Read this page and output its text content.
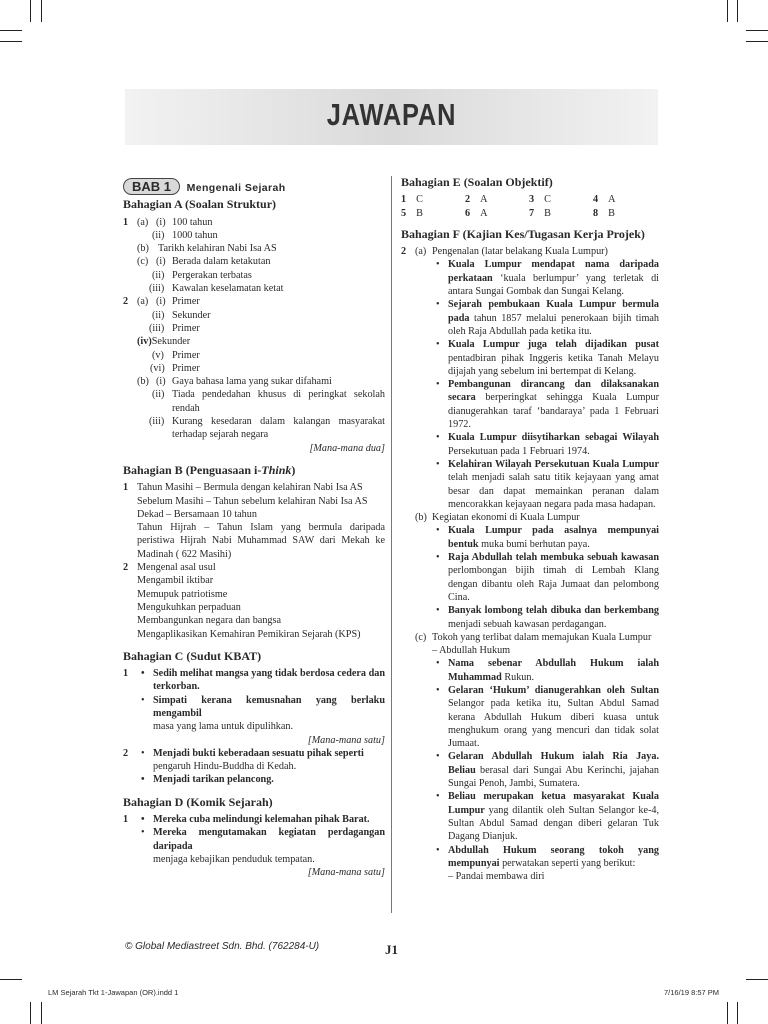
JAWAPAN
BAB 1 Mengenali Sejarah
Bahagian A (Soalan Struktur)
1 (a) (i) 100 tahun
(ii) 1000 tahun
(b) Tarikh kelahiran Nabi Isa AS
(c) (i) Berada dalam ketakutan
(ii) Pergerakan terbatas
(iii) Kawalan keselamatan ketat
2 (a) (i) Primer
(ii) Sekunder
(iii) Primer
(iv)Sekunder
(v) Primer
(vi) Primer
(b) (i) Gaya bahasa lama yang sukar difahami
(ii) Tiada pendedahan khusus di peringkat sekolah rendah
(iii) Kurang kesedaran dalam kalangan masyarakat terhadap sejarah negara
[Mana-mana dua]
Bahagian B (Penguasaan i-Think)
1 Tahun Masihi – Bermula dengan kelahiran Nabi Isa AS
Sebelum Masihi – Tahun sebelum kelahiran Nabi Isa AS
Dekad – Bersamaan 10 tahun
Tahun Hijrah – Tahun Islam yang bermula daripada peristiwa Hijrah Nabi Muhammad SAW dari Mekah ke Madinah ( 622 Masihi)
2 Mengenal asal usul
Mengambil iktibar
Memupuk patriotisme
Mengukuhkan perpaduan
Membangunkan negara dan bangsa
Mengaplikasikan Kemahiran Pemikiran Sejarah (KPS)
Bahagian C (Sudut KBAT)
1	• Sedih melihat mangsa yang tidak berdosa cedera dan terkorban.
• Simpati kerana kemusnahan yang berlaku mengambil
masa yang lama untuk dipulihkan.
[Mana-mana satu]
2	• Menjadi bukti keberadaan sesuatu pihak seperti
pengaruh Hindu-Buddha di Kedah.
• Menjadi tarikan pelancong.
Bahagian D (Komik Sejarah)
1	• Mereka cuba melindungi kelemahan pihak Barat.
• Mereka mengutamakan kegiatan perdagangan daripada
menjaga kebajikan penduduk tempatan.
[Mana-mana satu]
Bahagian E (Soalan Objektif)
1 C	2 A	3 C	4 A
5 B	6 A	7 B	8 B
Bahagian F (Kajian Kes/Tugasan Kerja Projek)
2 (a) Pengenalan (latar belakang Kuala Lumpur)
• Kuala Lumpur mendapat nama daripada perkataan ‘kuala berlumpur’ yang terletak di antara Sungai Gombak dan Sungai Kelang.
• Sejarah pembukaan Kuala Lumpur bermula pada tahun 1857 melalui penerokaan bijih timah oleh Raja Abdullah pada ketika itu.
• Kuala Lumpur juga telah dijadikan pusat pentadbiran pihak Inggeris ketika Tanah Melayu dijajah yang sebelum ini bertempat di Kelang.
• Pembangunan dirancang dan dilaksanakan secara berperingkat sehingga Kuala Lumpur dianugerahkan taraf ‘bandaraya’ pada 1 Februari 1972.
• Kuala Lumpur diisytiharkan sebagai Wilayah Persekutuan pada 1 Februari 1974.
• Kelahiran Wilayah Persekutuan Kuala Lumpur telah menjadi salah satu titik kejayaan yang amat besar dan dapat memainkan peranan dalam mencorakkan kejayaan negara pada masa hadapan.
(b) Kegiatan ekonomi di Kuala Lumpur
• Kuala Lumpur pada asalnya mempunyai bentuk muka bumi berhutan paya.
• Raja Abdullah telah membuka sebuah kawasan perlombongan bijih timah di Lembah Klang dengan dibantu oleh Raja Jumaat dan pelombong Cina.
• Banyak lombong telah dibuka dan berkembang menjadi sebuah kawasan perdagangan.
(c) Tokoh yang terlibat dalam memajukan Kuala Lumpur – Abdullah Hukum
• Nama sebenar Abdullah Hukum ialah Muhammad Rukun.
• Gelaran ‘Hukum’ dianugerahkan oleh Sultan Selangor pada ketika itu, Sultan Abdul Samad kerana Abdullah Hukum diberi kuasa untuk menghukum orang yang mencuri dan tidak solat Jumaat.
• Gelaran Abdullah Hukum ialah Ria Jaya. Beliau berasal dari Sungai Abu Kerinchi, jajahan Sungai Penoh, Jambi, Sumatera.
• Beliau merupakan ketua masyarakat Kuala Lumpur yang dilantik oleh Sultan Selangor ke-4, Sultan Abdul Samad dengan diberi gelaran Tuk Dagang Dianjuk.
• Abdullah Hukum seorang tokoh yang mempunyai perwatakan seperti yang berikut:
– Pandai membawa diri
© Global Mediastreet Sdn. Bhd. (762284-U)	J1
LM Sejarah Tkt 1-Jawapan (OR).indd 1	7/16/19 8:57 PM
